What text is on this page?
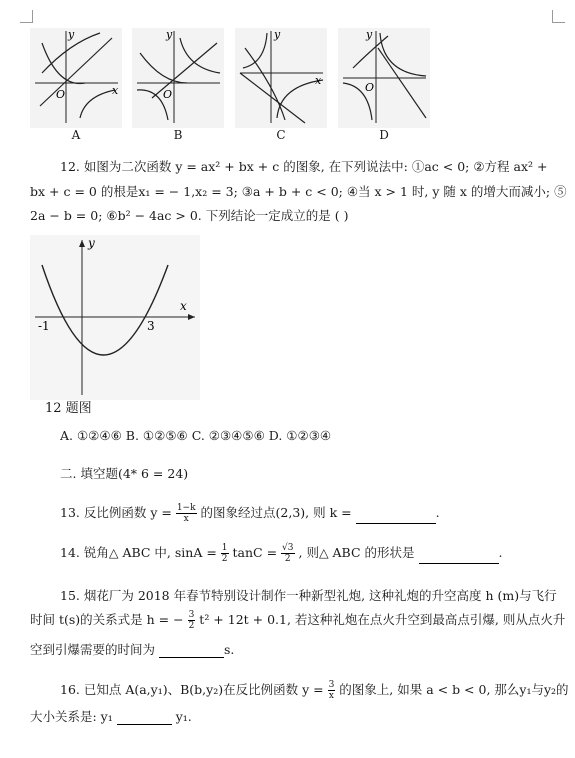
O
y
x
A
O
y
B
x
y
C
O
y
D
12. 如图为二次函数 y = ax² + bx + c 的图象, 在下列说法中: ①ac < 0; ②方程 ax² +
bx + c = 0 的根是x₁ = − 1,x₂ = 3; ③a + b + c < 0; ④当 x > 1 时, y 随 x 的增大而减小; ⑤
2a − b = 0; ⑥b² − 4ac > 0. 下列结论一定成立的是 ( )
y
x
-1	3
12 题图
A. ①②④⑥ B. ①②⑤⑥ C. ②③④⑤⑥ D. ①②③④
二. 填空题(4* 6 = 24)
13. 反比例函数 $y = \frac{1-k}{x}$ 的图象经过点(2,3), 则 k =	.
14. 锐角△ ABC 中, $\sin A = \frac{1}{2}$ $\tan C = \frac{√3}{2}$ , 则△ ABC 的形状是	.
15. 烟花厂为 2018 年春节特别设计制作一种新型礼炮, 这种礼炮的升空高度 h (m)与飞行
时间 t(s)的关系式是 h = − $\frac{3}{2} t^2 + 12t + 0.1$, 若这种礼炮在点火升空到最高点引爆, 则从点火升
空到引爆需要的时间为	s.
16. 已知点 A(a,y₁)、B(b,y₂)在反比例函数 $y = \frac{3}{x}$ 的图象上, 如果 a < b < 0, 那么y₁与y₂的
大小关系是: y₁	y₁.
